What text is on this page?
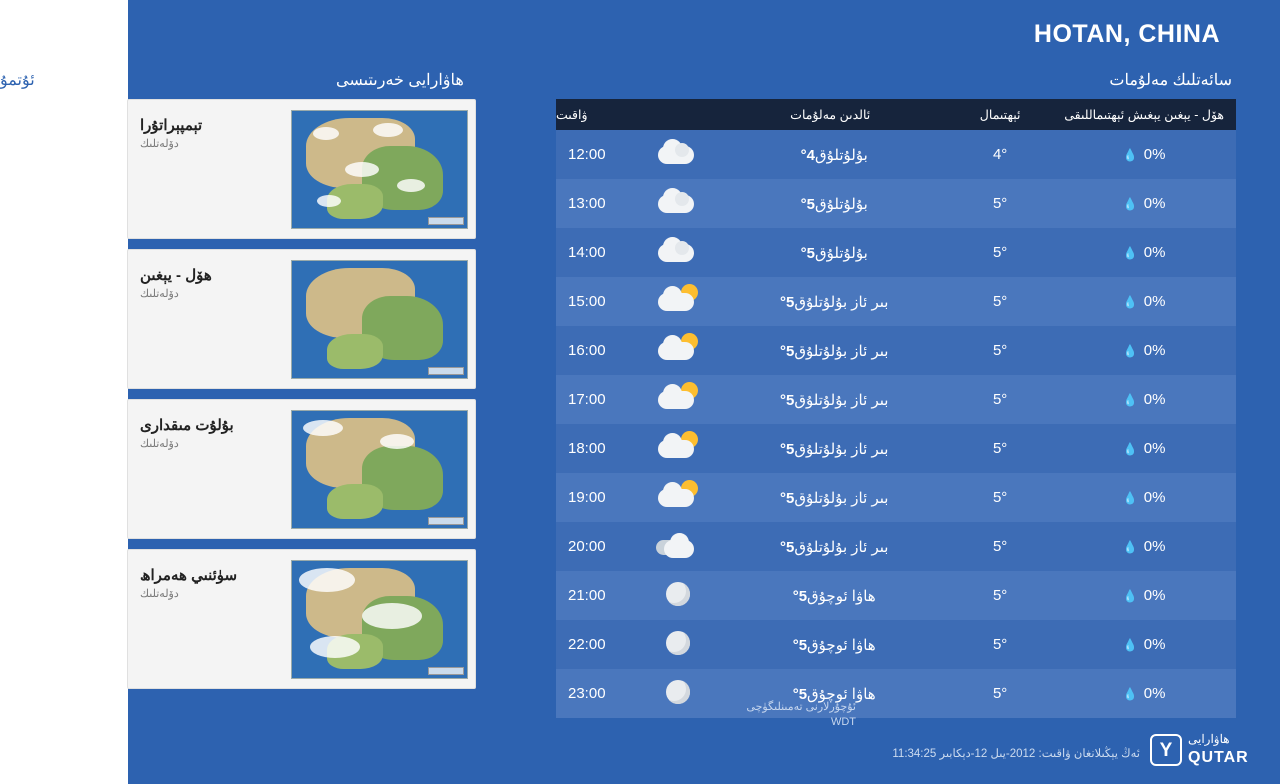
HOTAN, CHINA
سائەتلىك مەلۇمات
ھاۋارايى خەرىتىسى
ئۇتمۇ
تېمپېراتۇرا
دۆلەتلىك
ھۆل - يېغىن
دۆلەتلىك
بۇلۇت مىقدارى
دۆلەتلىك
سۈئنىي ھەمراھ
دۆلەتلىك
ھۆل - يېغىن يېغىش ئېھتىماللىقى	ئېھتىمال	ئالدىن مەلۇمات		ۋاقىت
0%💧	4°	بۇلۇتلۇق4°		12:00
0%💧	5°	بۇلۇتلۇق5°		13:00
0%💧	5°	بۇلۇتلۇق5°		14:00
0%💧	5°	بىر ئاز بۇلۇتلۇق5°		15:00
0%💧	5°	بىر ئاز بۇلۇتلۇق5°		16:00
0%💧	5°	بىر ئاز بۇلۇتلۇق5°		17:00
0%💧	5°	بىر ئاز بۇلۇتلۇق5°		18:00
0%💧	5°	بىر ئاز بۇلۇتلۇق5°		19:00
0%💧	5°	بىر ئاز بۇلۇتلۇق5°		20:00
0%💧	5°	ھاۋا ئوچۇق5°		21:00
0%💧	5°	ھاۋا ئوچۇق5°		22:00
0%💧	5°	ھاۋا ئوچۇق5°		23:00
ئۇچۇرلارنى تەمىنلىگۈچى
WDT
ئەڭ يېڭىلانغان ۋاقىت: 2012-يىل 12-دېكابىر 11:34:25	Y
ھاۋارايى
QUTAR
